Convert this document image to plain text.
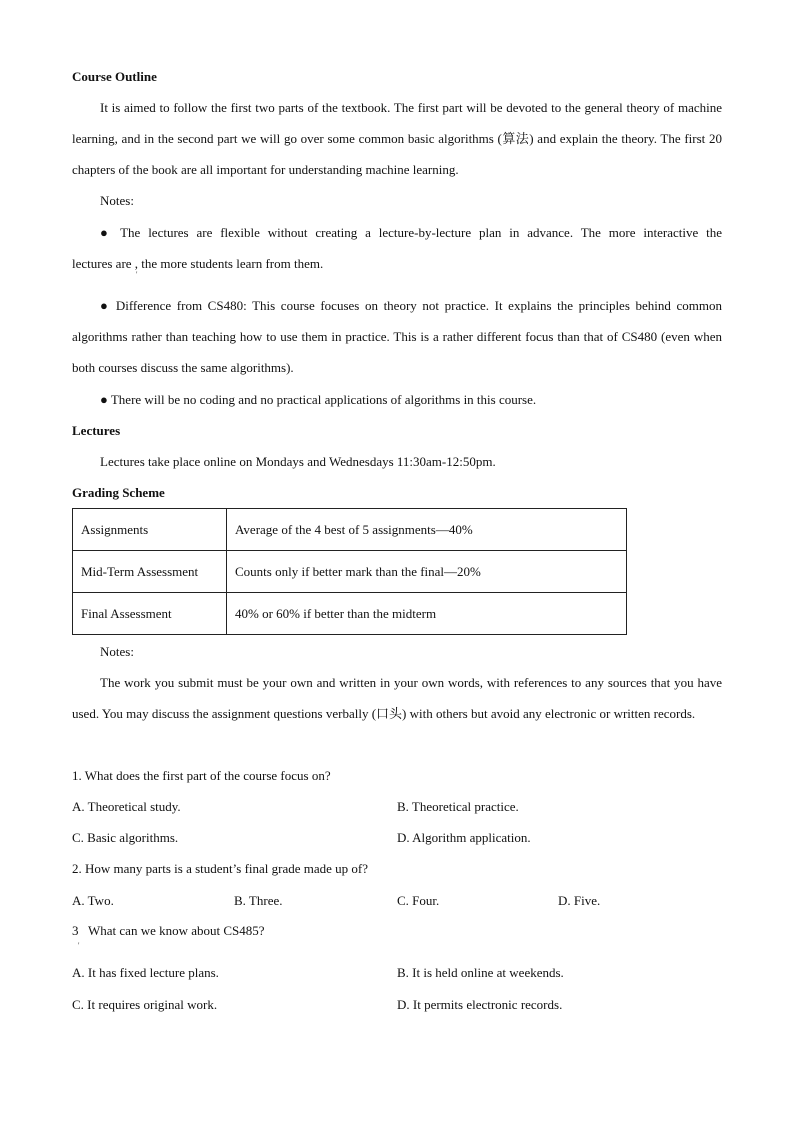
Course Outline

It is aimed to follow the first two parts of the textbook. The first part will be devoted to the general theory of machine learning, and in the second part we will go over some common basic algorithms (算法) and explain the theory. The first 20 chapters of the book are all important for understanding machine learning.

Notes:

● The lectures are flexible without creating a lecture-by-lecture plan in advance. The more interactive the

lectures are , the more students learn from them.

'

● Difference from CS480: This course focuses on theory not practice. It explains the principles behind common algorithms rather than teaching how to use them in practice. This is a rather different focus than that of CS480 (even when both courses discuss the same algorithms).

● There will be no coding and no practical applications of algorithms in this course.

Lectures

Lectures take place online on Mondays and Wednesdays 11:30am-12:50pm.

Grading Scheme

Assignments	Average of the 4 best of 5 assignments—40%
Mid-Term Assessment	Counts only if better mark than the final—20%
Final Assessment	40% or 60% if better than the midterm

Notes:

The work you submit must be your own and written in your own words, with references to any sources that you have used. You may discuss the assignment questions verbally (口头) with others but avoid any electronic or written records.

1. What does the first part of the course focus on?

A. Theoretical study.	B. Theoretical practice.

C. Basic algorithms.	D. Algorithm application.

2. How many parts is a student’s final grade made up of?

A. Two.	B. Three.	C. Four.	D. Five.

3   What can we know about CS485?

'

A. It has fixed lecture plans.	B. It is held online at weekends.

C. It requires original work.	D. It permits electronic records.
